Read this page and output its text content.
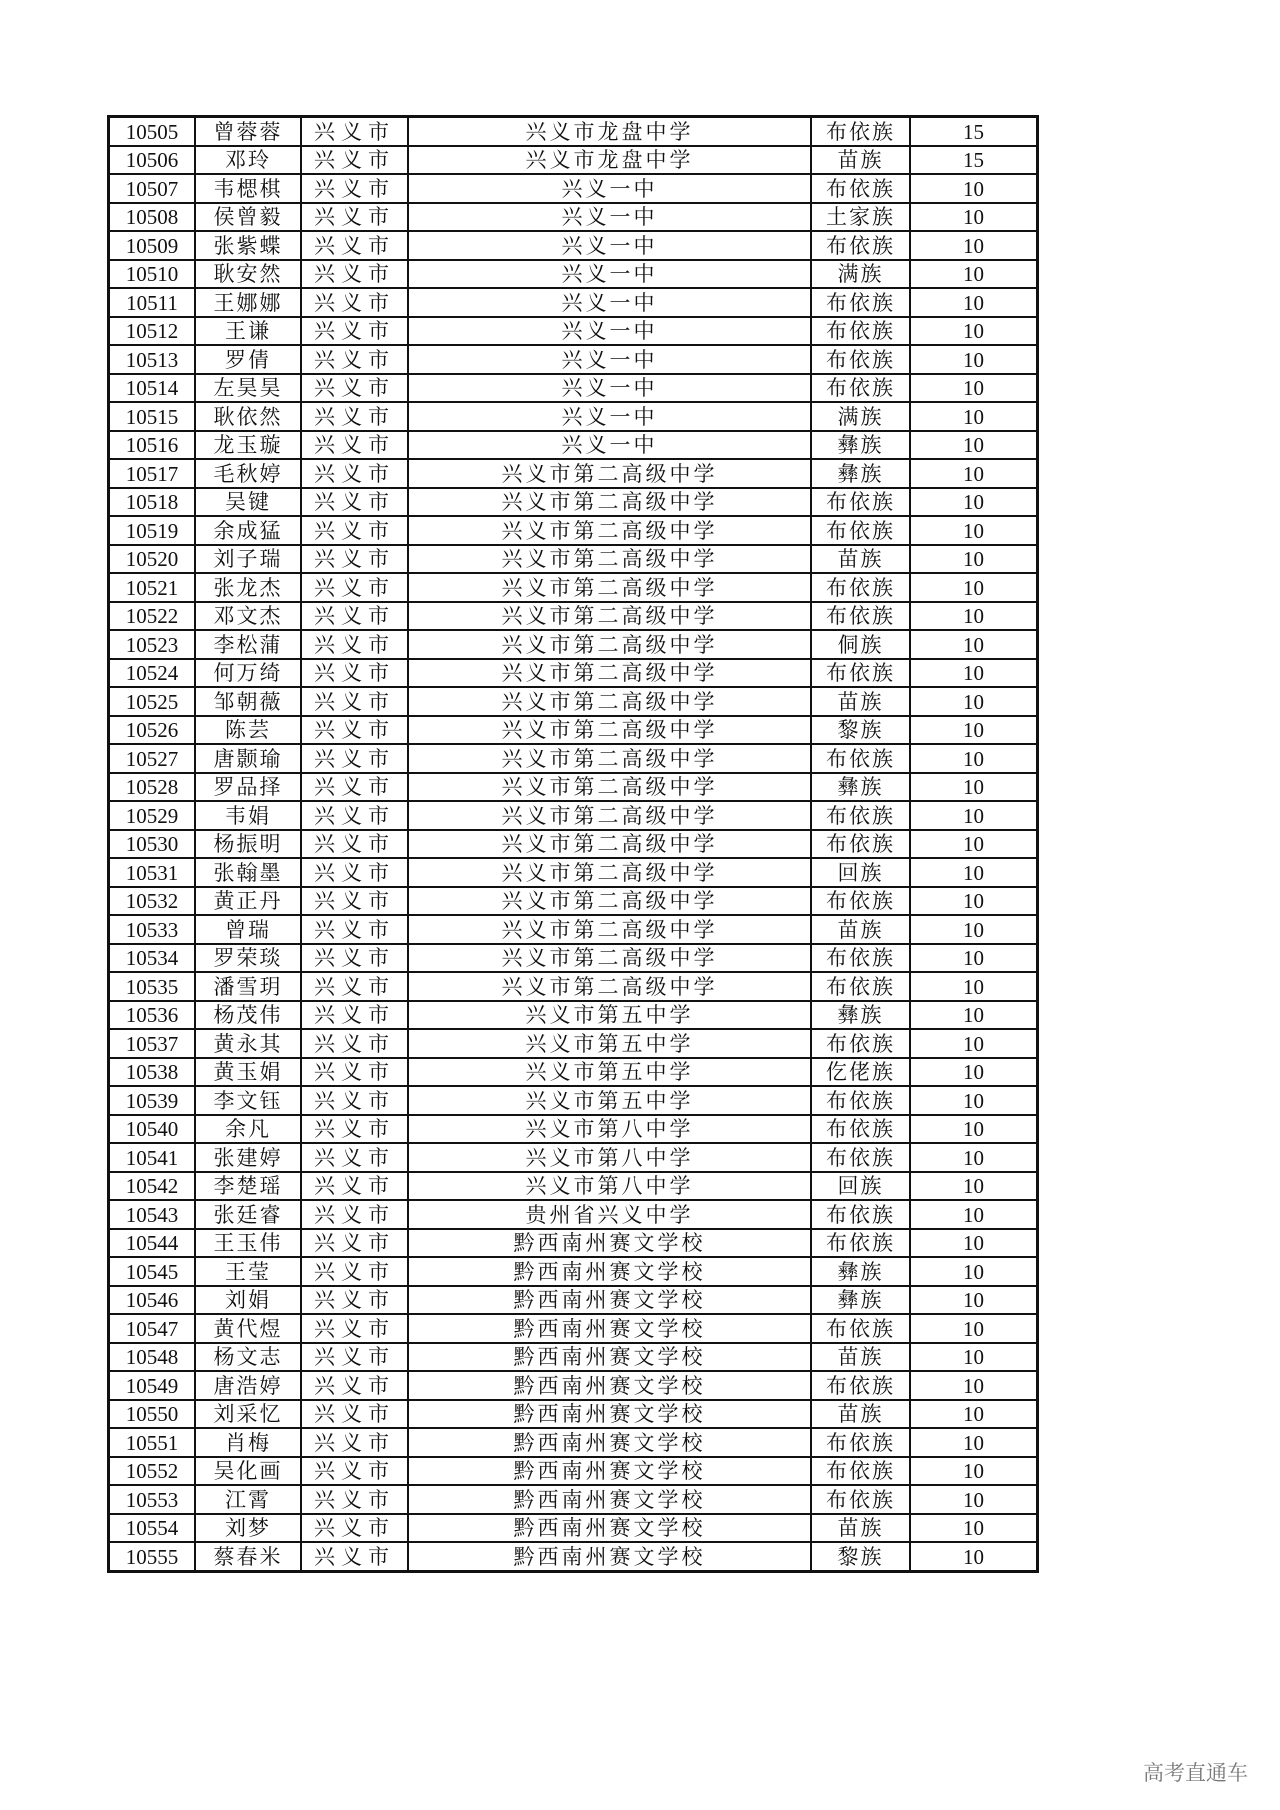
10505	曾蓉蓉	兴义市	兴义市龙盘中学	布依族	15
10506	邓玲	兴义市	兴义市龙盘中学	苗族	15
10507	韦楒棋	兴义市	兴义一中	布依族	10
10508	侯曾毅	兴义市	兴义一中	土家族	10
10509	张紫蝶	兴义市	兴义一中	布依族	10
10510	耿安然	兴义市	兴义一中	满族	10
10511	王娜娜	兴义市	兴义一中	布依族	10
10512	王谦	兴义市	兴义一中	布依族	10
10513	罗倩	兴义市	兴义一中	布依族	10
10514	左昊昊	兴义市	兴义一中	布依族	10
10515	耿依然	兴义市	兴义一中	满族	10
10516	龙玉璇	兴义市	兴义一中	彝族	10
10517	毛秋婷	兴义市	兴义市第二高级中学	彝族	10
10518	吴键	兴义市	兴义市第二高级中学	布依族	10
10519	余成猛	兴义市	兴义市第二高级中学	布依族	10
10520	刘子瑞	兴义市	兴义市第二高级中学	苗族	10
10521	张龙杰	兴义市	兴义市第二高级中学	布依族	10
10522	邓文杰	兴义市	兴义市第二高级中学	布依族	10
10523	李松蒲	兴义市	兴义市第二高级中学	侗族	10
10524	何万绮	兴义市	兴义市第二高级中学	布依族	10
10525	邹朝薇	兴义市	兴义市第二高级中学	苗族	10
10526	陈芸	兴义市	兴义市第二高级中学	黎族	10
10527	唐颢瑜	兴义市	兴义市第二高级中学	布依族	10
10528	罗品择	兴义市	兴义市第二高级中学	彝族	10
10529	韦娟	兴义市	兴义市第二高级中学	布依族	10
10530	杨振明	兴义市	兴义市第二高级中学	布依族	10
10531	张翰墨	兴义市	兴义市第二高级中学	回族	10
10532	黄正丹	兴义市	兴义市第二高级中学	布依族	10
10533	曾瑞	兴义市	兴义市第二高级中学	苗族	10
10534	罗荣琰	兴义市	兴义市第二高级中学	布依族	10
10535	潘雪玥	兴义市	兴义市第二高级中学	布依族	10
10536	杨茂伟	兴义市	兴义市第五中学	彝族	10
10537	黄永其	兴义市	兴义市第五中学	布依族	10
10538	黄玉娟	兴义市	兴义市第五中学	仡佬族	10
10539	李文钰	兴义市	兴义市第五中学	布依族	10
10540	余凡	兴义市	兴义市第八中学	布依族	10
10541	张建婷	兴义市	兴义市第八中学	布依族	10
10542	李楚瑶	兴义市	兴义市第八中学	回族	10
10543	张廷睿	兴义市	贵州省兴义中学	布依族	10
10544	王玉伟	兴义市	黔西南州赛文学校	布依族	10
10545	王莹	兴义市	黔西南州赛文学校	彝族	10
10546	刘娟	兴义市	黔西南州赛文学校	彝族	10
10547	黄代煜	兴义市	黔西南州赛文学校	布依族	10
10548	杨文志	兴义市	黔西南州赛文学校	苗族	10
10549	唐浩婷	兴义市	黔西南州赛文学校	布依族	10
10550	刘采忆	兴义市	黔西南州赛文学校	苗族	10
10551	肖梅	兴义市	黔西南州赛文学校	布依族	10
10552	吴化画	兴义市	黔西南州赛文学校	布依族	10
10553	江霄	兴义市	黔西南州赛文学校	布依族	10
10554	刘梦	兴义市	黔西南州赛文学校	苗族	10
10555	蔡春米	兴义市	黔西南州赛文学校	黎族	10
高考直通车
